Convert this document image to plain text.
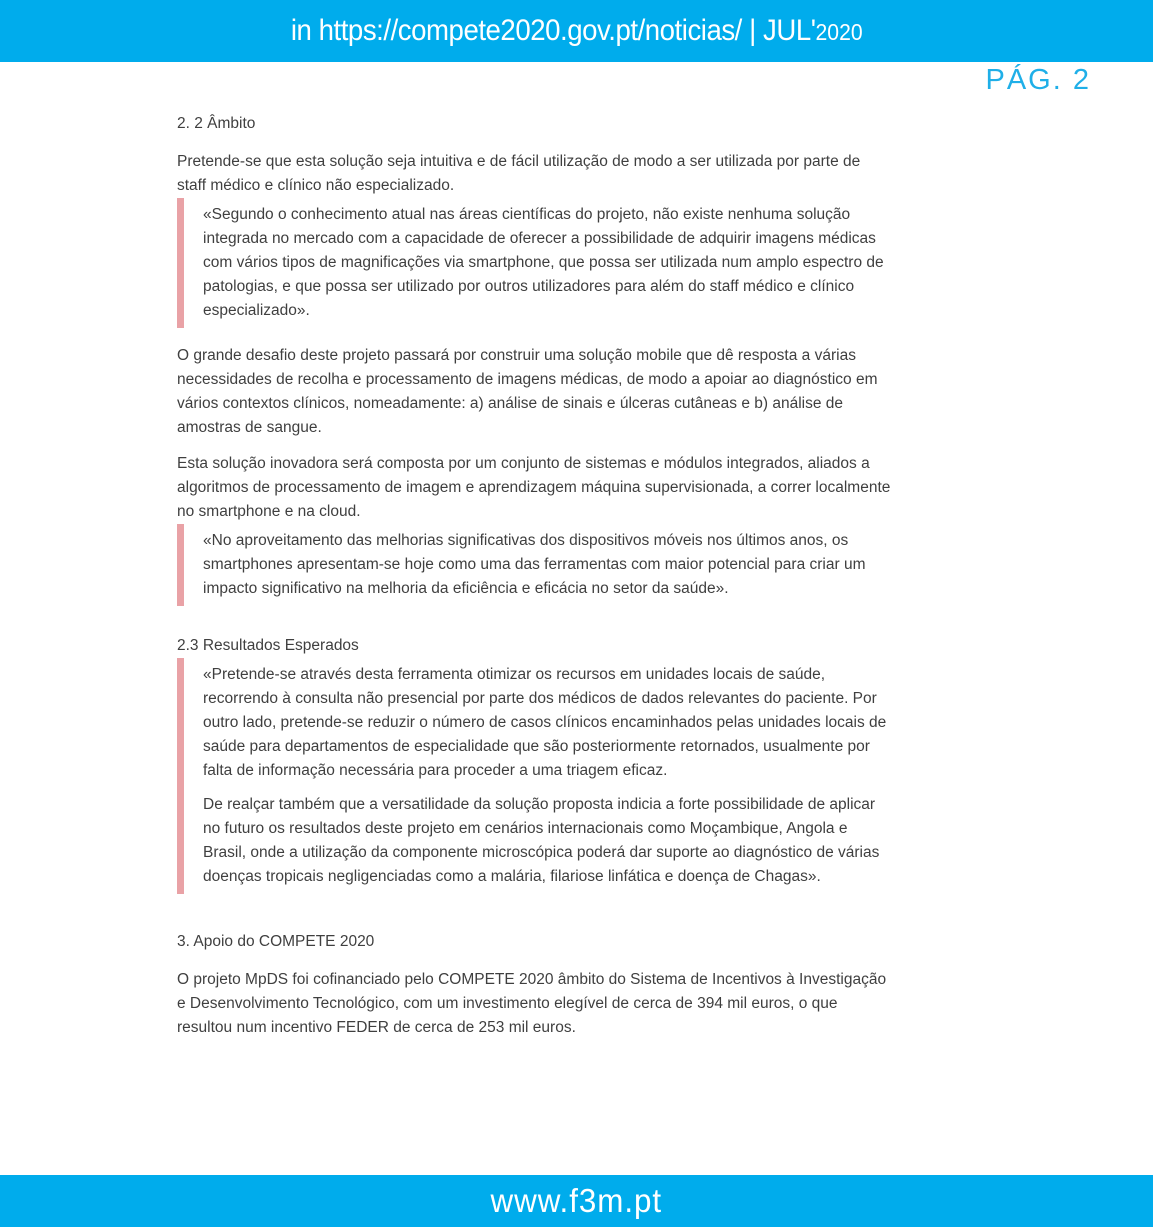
in https://compete2020.gov.pt/noticias/ | JUL'2020
PÁG. 2
2. 2 Âmbito

Pretende-se que esta solução seja intuitiva e de fácil utilização de modo a ser utilizada por parte de staff médico e clínico não especializado.

«Segundo o conhecimento atual nas áreas científicas do projeto, não existe nenhuma solução integrada no mercado com a capacidade de oferecer a possibilidade de adquirir imagens médicas com vários tipos de magnificações via smartphone, que possa ser utilizada num amplo espectro de patologias, e que possa ser utilizado por outros utilizadores para além do staff médico e clínico especializado».

O grande desafio deste projeto passará por construir uma solução mobile que dê resposta a várias necessidades de recolha e processamento de imagens médicas, de modo a apoiar ao diagnóstico em vários contextos clínicos, nomeadamente: a) análise de sinais e úlceras cutâneas e b) análise de amostras de sangue.

Esta solução inovadora será composta por um conjunto de sistemas e módulos integrados, aliados a algoritmos de processamento de imagem e aprendizagem máquina supervisionada, a correr localmente no smartphone e na cloud.

«No aproveitamento das melhorias significativas dos dispositivos móveis nos últimos anos, os smartphones apresentam-se hoje como uma das ferramentas com maior potencial para criar um impacto significativo na melhoria da eficiência e eficácia no setor da saúde».

2.3 Resultados Esperados

«Pretende-se através desta ferramenta otimizar os recursos em unidades locais de saúde, recorrendo à consulta não presencial por parte dos médicos de dados relevantes do paciente. Por outro lado, pretende-se reduzir o número de casos clínicos encaminhados pelas unidades locais de saúde para departamentos de especialidade que são posteriormente retornados, usualmente por falta de informação necessária para proceder a uma triagem eficaz.

De realçar também que a versatilidade da solução proposta indicia a forte possibilidade de aplicar no futuro os resultados deste projeto em cenários internacionais como Moçambique, Angola e Brasil, onde a utilização da componente microscópica poderá dar suporte ao diagnóstico de várias doenças tropicais negligenciadas como a malária, filariose linfática e doença de Chagas».

3. Apoio do COMPETE 2020

O projeto MpDS foi cofinanciado pelo COMPETE 2020 âmbito do Sistema de Incentivos à Investigação e Desenvolvimento Tecnológico, com um investimento elegível de cerca de 394 mil euros, o que resultou num incentivo FEDER de cerca de 253 mil euros.

www.f3m.pt
